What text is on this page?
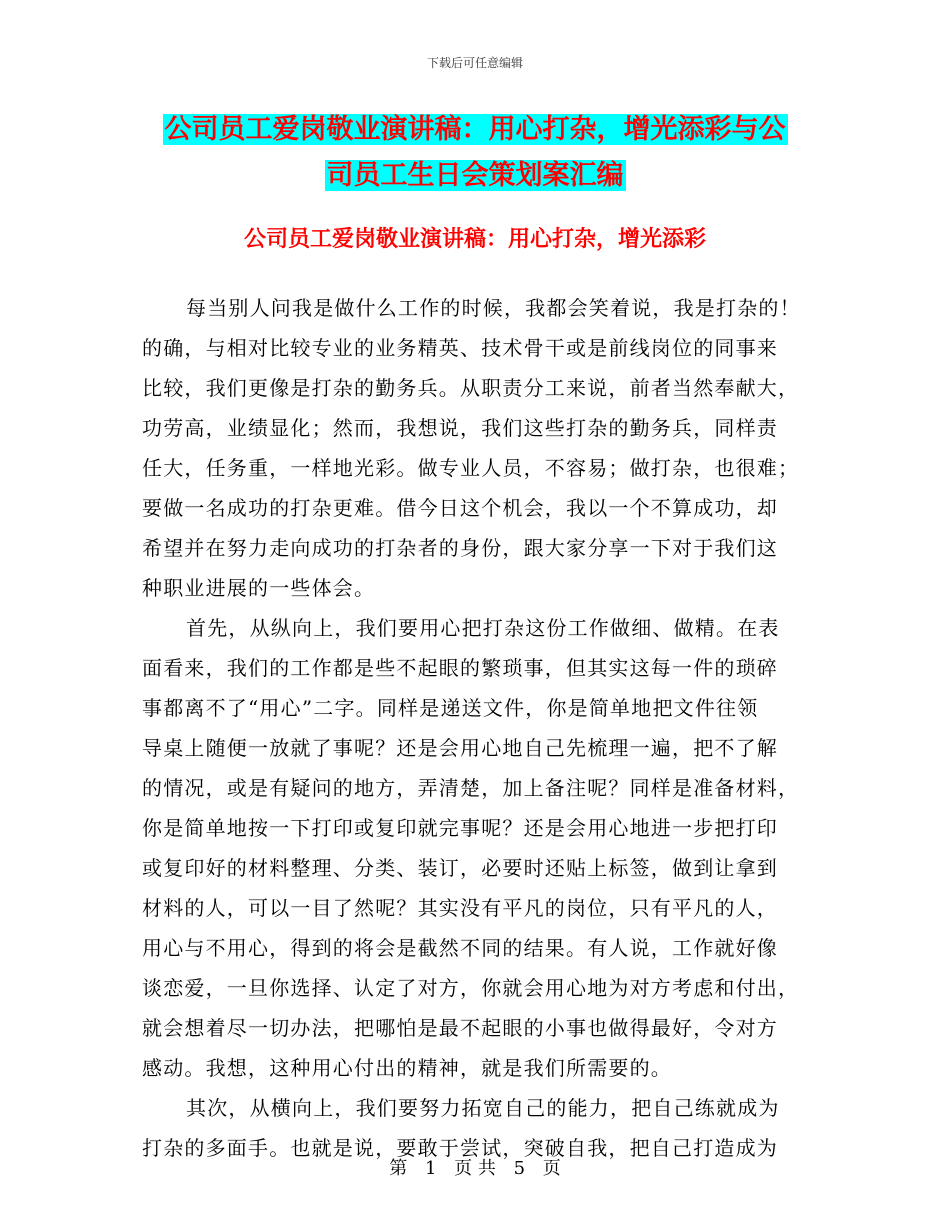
下载后可任意编辑
公司员工爱岗敬业演讲稿：用心打杂，增光添彩与公
司员工生日会策划案汇编
公司员工爱岗敬业演讲稿：用心打杂，增光添彩
每当别人问我是做什么工作的时候，我都会笑着说，我是打杂的！
的确，与相对比较专业的业务精英、技术骨干或是前线岗位的同事来
比较，我们更像是打杂的勤务兵。从职责分工来说，前者当然奉献大，
功劳高，业绩显化；然而，我想说，我们这些打杂的勤务兵，同样责
任大，任务重，一样地光彩。做专业人员，不容易；做打杂，也很难；
要做一名成功的打杂更难。借今日这个机会，我以一个不算成功，却
希望并在努力走向成功的打杂者的身份，跟大家分享一下对于我们这
种职业进展的一些体会。
首先，从纵向上，我们要用心把打杂这份工作做细、做精。在表
面看来，我们的工作都是些不起眼的繁琐事，但其实这每一件的琐碎
事都离不了“用心”二字。同样是递送文件，你是简单地把文件往领
导桌上随便一放就了事呢？还是会用心地自己先梳理一遍，把不了解
的情况，或是有疑问的地方，弄清楚，加上备注呢？同样是准备材料，
你是简单地按一下打印或复印就完事呢？还是会用心地进一步把打印
或复印好的材料整理、分类、装订，必要时还贴上标签，做到让拿到
材料的人，可以一目了然呢？其实没有平凡的岗位，只有平凡的人，
用心与不用心，得到的将会是截然不同的结果。有人说，工作就好像
谈恋爱，一旦你选择、认定了对方，你就会用心地为对方考虑和付出，
就会想着尽一切办法，把哪怕是最不起眼的小事也做得最好，令对方
感动。我想，这种用心付出的精神，就是我们所需要的。
其次，从横向上，我们要努力拓宽自己的能力，把自己练就成为
打杂的多面手。也就是说，要敢于尝试，突破自我，把自己打造成为
第 1 页 共 5 页
